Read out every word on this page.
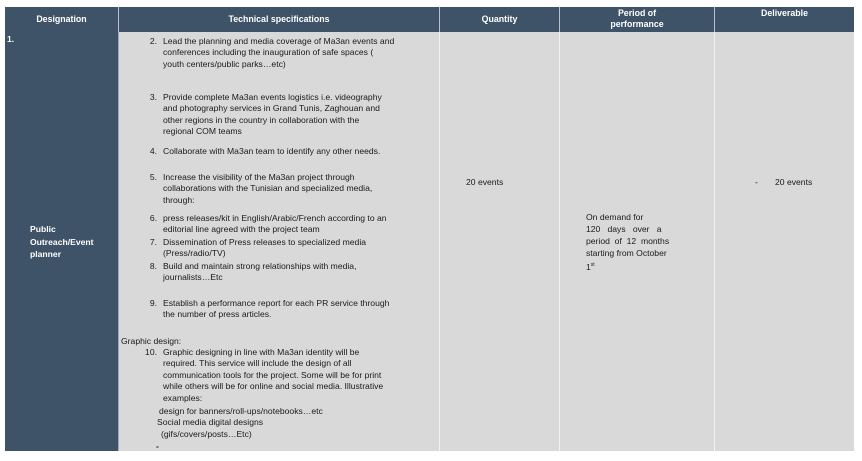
Designation	Technical specifications	Quantity
Period of
performance
Deliverable
1.
Public
Outreach/Event
planner
2. Lead the planning and media coverage of Ma3an events and
conferences including the inauguration of safe spaces (
youth centers/public parks…etc)
3. Provide complete Ma3an events logistics i.e. videography
and photography services in Grand Tunis, Zaghouan and
other regions in the country in collaboration with the
regional COM teams
4. Collaborate with Ma3an team to identify any other needs.
5. Increase the visibility of the Ma3an project through
collaborations with the Tunisian and specialized media,
through:
6. press releases/kit in English/Arabic/French according to an
editorial line agreed with the project team
7. Dissemination of Press releases to specialized media
(Press/radio/TV)
8. Build and maintain strong relationships with media,
journalists…Etc
9. Establish a performance report for each PR service through
the number of press articles.
Graphic design:
10. Graphic designing in line with Ma3an identity will be
required. This service will include the design of all
communication tools for the project. Some will be for print
while others will be for online and social media. Illustrative
examples:
design for banners/roll-ups/notebooks…etc
Social media digital designs
(gifs/covers/posts…Etc)
-
20 events
On demand for
120   days   over   a
period  of  12  months
starting from October
1st
- 20 events
